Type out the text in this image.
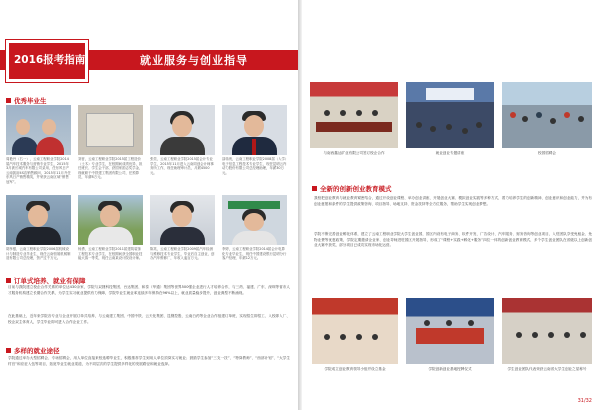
2016报考指南	就业服务与创业指导
优秀毕业生
周艳丹（右一），云南工程职业学院2014届汽车技术服务与营销专业学生，2015年3月被长城汽车有限公司录用，任东风日产云南凯裕4S店销售顾问，2015年11月升任东风日产销售精英，并荣获云南区域“销售冠军”。
刘晋，云南工程职业学院2015届工程造价（土木）专业学生，在校期间成绩优异，担任班长、学生会干部，获国家励志奖学金，现就职于中铁建工集团有限公司，任预算员，年薪8万元。
张奕，云南工程职业学院2015届会计专业学生，2015年11月进入云南同创会计师事务所工作，现任助理审计员，月薪4500元。
邵伟贵，云南工程职业学院2008届（入学）电子信息工程技术专业学生，现任昆明云内动力股份有限公司总经理助理，年薪30万元。
胡孝强，云南工程职业学院2006届机械设计与制造专业毕业生，现任云南恒晟机械制造有限公司总经理，资产过千万元。
杨勇，云南工程职业学院2011届建筑装饰工程技术专业学生，在校期间获全国职业技能大赛一等奖，现任云南某设计院设计师。
陈英，云南工程职业学院2009届汽车检测与维修技术专业学生，毕业后自主创业，创办汽车维修厂，年收入逾百万元。
李婷，云南工程职业学院2014届会计电算化专业毕业生，现任中国建设银行昆明分行客户经理，年薪12万元。
订单式培养、就业有保障
目前与我院建立校企合作关系的单位达430余家，学院与双捷科技集团、台达集团、和泰（华通）集团等世界500强企业进行人才培养合作，与三药、福建、广东、深圳等省市人才服务机构建立长期合作关系，为学生实习就业提供有力保障，学院毕业生就业率连续多年保持在96%以上，就业质量稳步提升，创业典型不断涌现。
在此基础上，近年来学院各专业与企业开展订单式培养，与云南建工集团、中国中铁、云天化集团、昆钢控股、云南白药等企业合作组建订单班，实现招生即招工、入校即入厂、校企双主体育人，学生毕业即可进入合作企业工作。
多样的就业途径
学院通过举办大型招聘会、专场招聘会，用人单位直接来校选聘毕业生，积极推荐学生到用人单位顶岗实习就业；鼓励学生参加“三支一扶”、“特岗教师”、“西部计划”、“大学生村官”和应征入伍等项目，拓宽毕业生就业渠道，为不同层次的学生提供多样化的发展路径和就业选择。
与南西鑫达矿业有限公司签订校企合作	就业创业专题讲座	校园招聘会
全新的创新创业教育模式
我校把创业教育与就业教育紧密结合，通过开设创业课程、举办创业讲座、开展创业大赛、模拟创业实践等多种方式，着力培养学生的创新精神、创业意识和创业能力，并为有创业意愿和条件的学生提供政策咨询、项目指导、场地支持、资金扶持等全方位服务，帮助学生实现创业梦想。
学院不断完善创业孵化体系，建立了云南工程职业学院大学生创业园，园区内设有电子商务、软件开发、广告设计、汽车服务、财务咨询等创业项目，入驻团队享受免租金、免物业费等优惠政策，学院定期邀请企业家、创业导师进驻园区开展指导，形成了“课程+实践+孵化+服务”四位一体的创新创业教育模式，多个学生创业团队在省级以上创新创业大赛中获奖，部分项目已成功实现市场化运营。
学院成立创业教育领导小组并设立基金	学院创新创业基地授牌仪式	学生创业团队代表荣获云南省大学生创业之星称号
31/32
